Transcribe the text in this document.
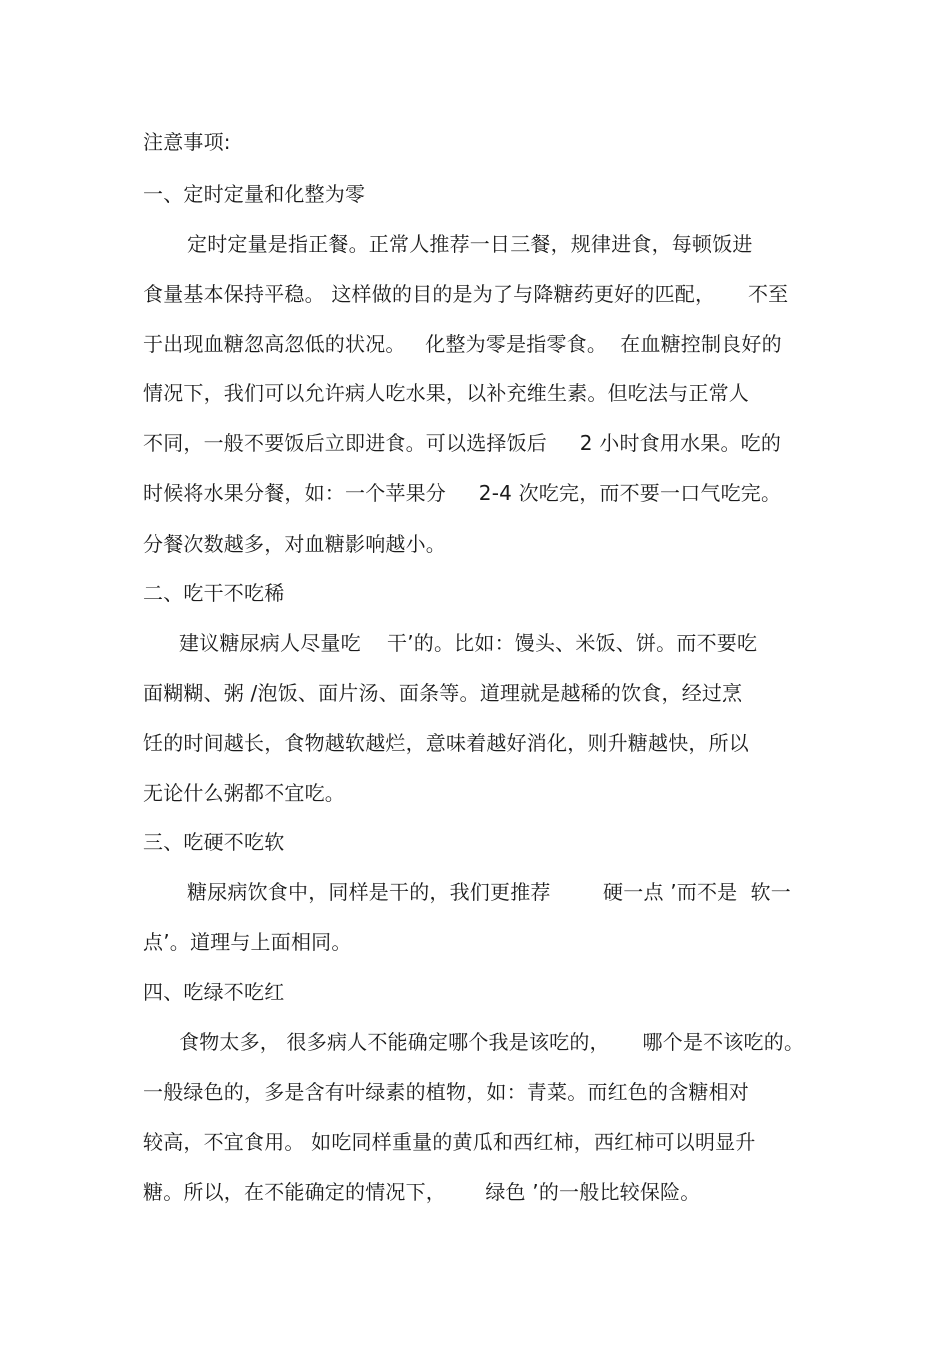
注意事项:
一、定时定量和化整为零
定时定量是指正餐。正常人推荐一日三餐，规律进食，每顿饭进
食量基本保持平稳。 这样做的目的是为了与降糖药更好的匹配，     不至
于出现血糖忽高忽低的状况。   化整为零是指零食。  在血糖控制良好的
情况下，我们可以允许病人吃水果，以补充维生素。但吃法与正常人
不同，一般不要饭后立即进食。可以选择饭后     2 小时食用水果。吃的
时候将水果分餐，如：一个苹果分     2-4 次吃完，而不要一口气吃完。
分餐次数越多，对血糖影响越小。
二、吃干不吃稀
建议糖尿病人尽量吃    干’的。比如：馒头、米饭、饼。而不要吃
面糊糊、粥 /泡饭、面片汤、面条等。道理就是越稀的饮食，经过烹
饪的时间越长，食物越软越烂，意味着越好消化，则升糖越快，所以
无论什么粥都不宜吃。
三、吃硬不吃软
糖尿病饮食中，同样是干的，我们更推荐        硬一点 ’而不是  软一
点’。道理与上面相同。
四、吃绿不吃红
食物太多， 很多病人不能确定哪个我是该吃的，     哪个是不该吃的。
一般绿色的，多是含有叶绿素的植物，如：青菜。而红色的含糖相对
较高，不宜食用。 如吃同样重量的黄瓜和西红柿，西红柿可以明显升
糖。所以，在不能确定的情况下，      绿色 ’的一般比较保险。
